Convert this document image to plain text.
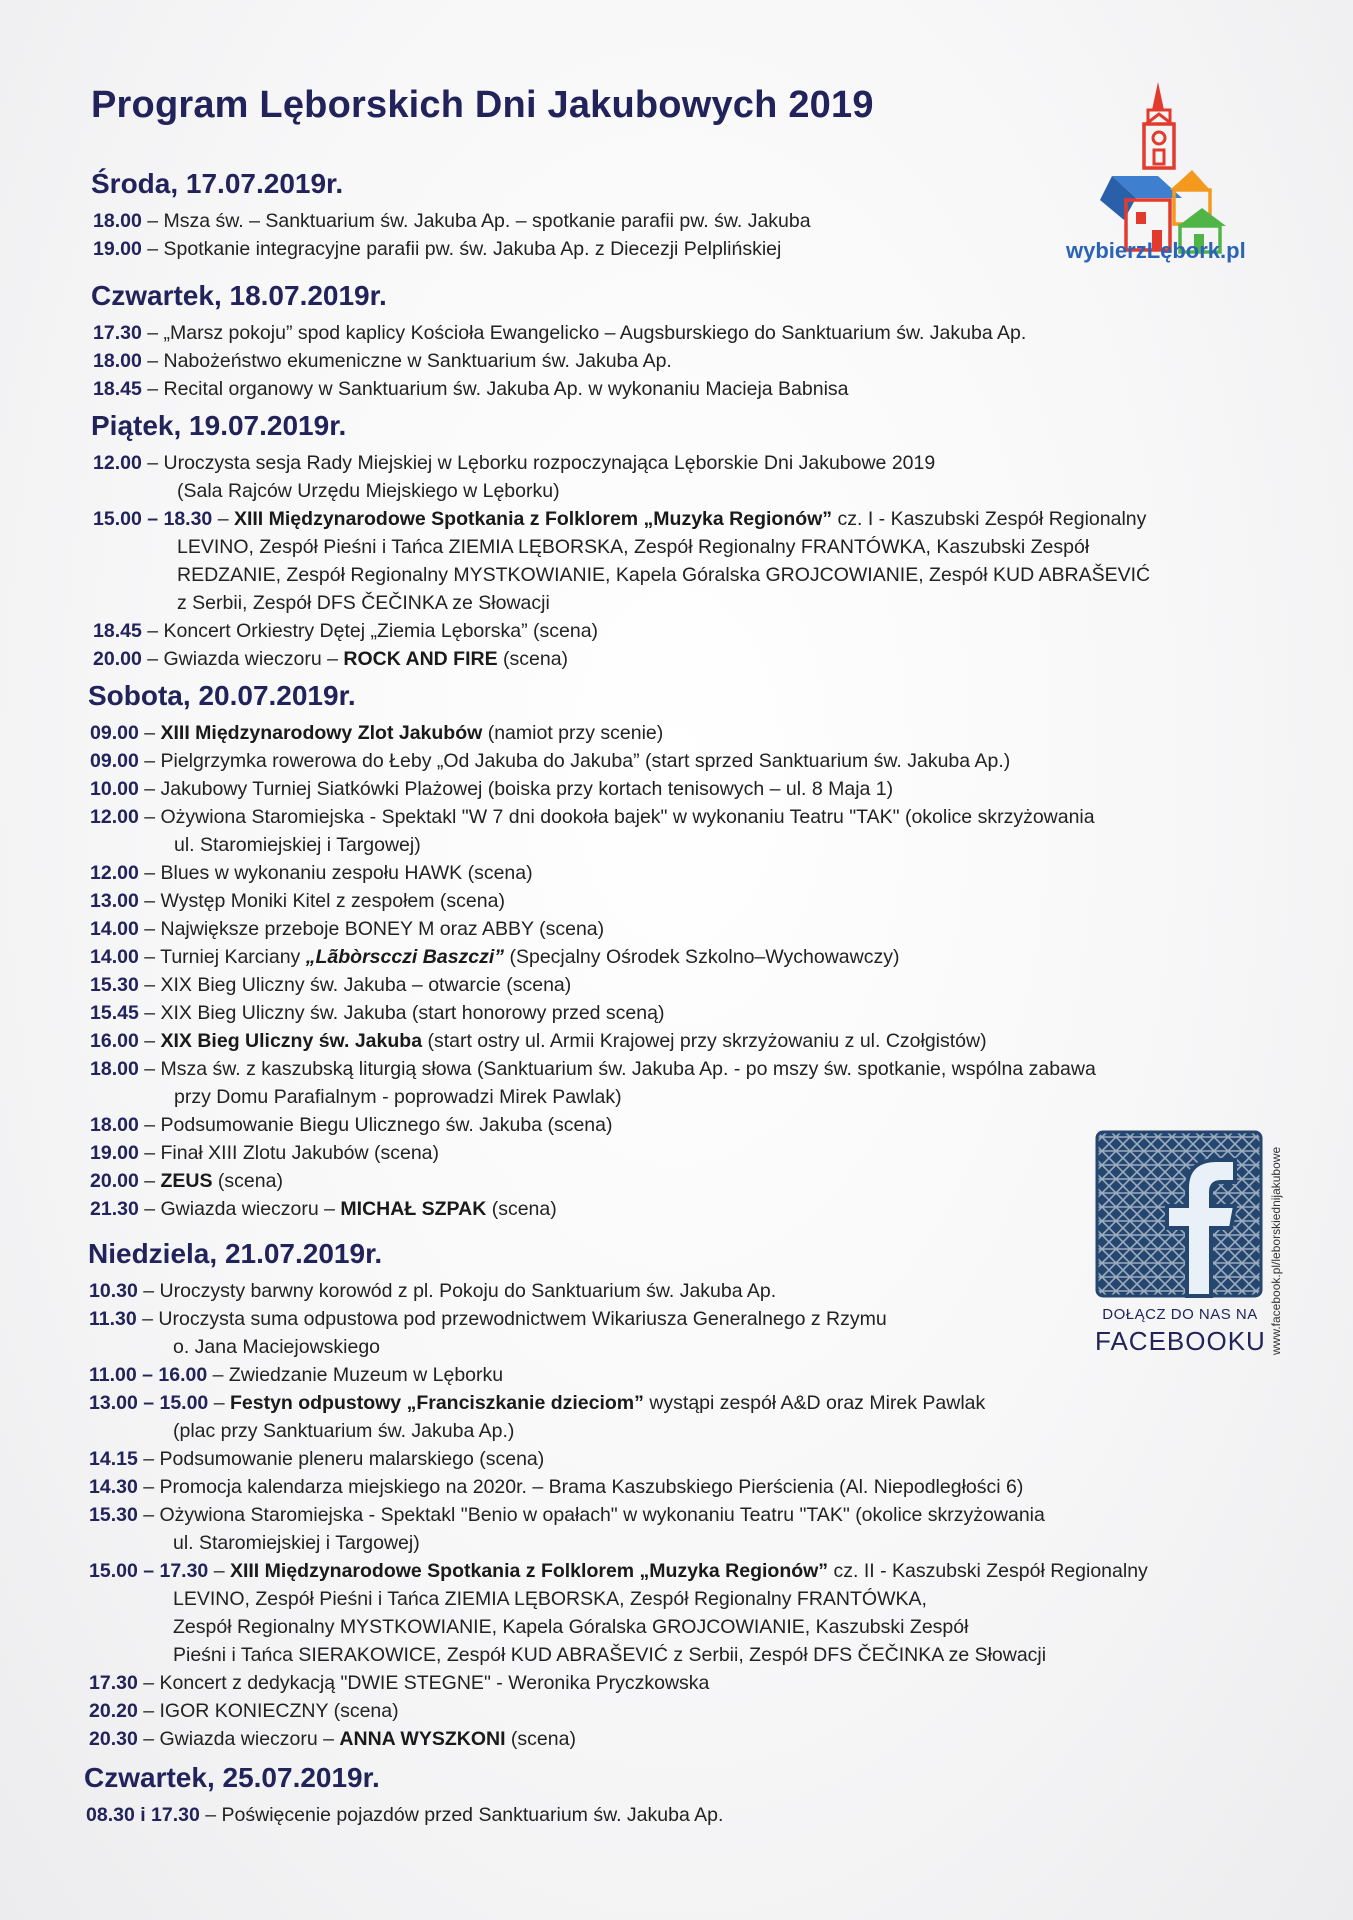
Program Lęborskich Dni Jakubowych 2019
wybierzLębork.pl
DOŁĄCZ DO NAS NA
FACEBOOKU www.facebook.pl/leborskiednijakubowe
Środa, 17.07.2019r.
18.00 – Msza św. – Sanktuarium św. Jakuba Ap. – spotkanie parafii pw. św. Jakuba
19.00 – Spotkanie integracyjne parafii pw. św. Jakuba Ap. z Diecezji Pelplińskiej
Czwartek, 18.07.2019r.
17.30 – „Marsz pokoju” spod kaplicy Kościoła Ewangelicko – Augsburskiego do Sanktuarium św. Jakuba Ap.
18.00 – Nabożeństwo ekumeniczne w Sanktuarium św. Jakuba Ap.
18.45 – Recital organowy w Sanktuarium św. Jakuba Ap. w wykonaniu Macieja Babnisa
Piątek, 19.07.2019r.
12.00 – Uroczysta sesja Rady Miejskiej w Lęborku rozpoczynająca Lęborskie Dni Jakubowe 2019
(Sala Rajców Urzędu Miejskiego w Lęborku)
15.00 – 18.30 – XIII Międzynarodowe Spotkania z Folklorem „Muzyka Regionów” cz. I - Kaszubski Zespół Regionalny
LEVINO, Zespół Pieśni i Tańca ZIEMIA LĘBORSKA, Zespół Regionalny FRANTÓWKA, Kaszubski Zespół
REDZANIE, Zespół Regionalny MYSTKOWIANIE, Kapela Góralska GROJCOWIANIE, Zespół KUD ABRAŠEVIĆ
z Serbii, Zespół DFS ČEČINKA ze Słowacji
18.45 – Koncert Orkiestry Dętej „Ziemia Lęborska” (scena)
20.00 – Gwiazda wieczoru – ROCK AND FIRE (scena)
Sobota, 20.07.2019r.
09.00 – XIII Międzynarodowy Zlot Jakubów (namiot przy scenie)
09.00 – Pielgrzymka rowerowa do Łeby „Od Jakuba do Jakuba” (start sprzed Sanktuarium św. Jakuba Ap.)
10.00 – Jakubowy Turniej Siatkówki Plażowej (boiska przy kortach tenisowych – ul. 8 Maja 1)
12.00 – Ożywiona Staromiejska - Spektakl "W 7 dni dookoła bajek" w wykonaniu Teatru "TAK" (okolice skrzyżowania
ul. Staromiejskiej i Targowej)
12.00 – Blues w wykonaniu zespołu HAWK (scena)
13.00 – Występ Moniki Kitel z zespołem (scena)
14.00 – Największe przeboje BONEY M oraz ABBY (scena)
14.00 – Turniej Karciany „Lãbòrscczi Baszczi” (Specjalny Ośrodek Szkolno–Wychowawczy)
15.30 – XIX Bieg Uliczny św. Jakuba – otwarcie (scena)
15.45 – XIX Bieg Uliczny św. Jakuba (start honorowy przed sceną)
16.00 – XIX Bieg Uliczny św. Jakuba (start ostry ul. Armii Krajowej przy skrzyżowaniu z ul. Czołgistów)
18.00 – Msza św. z kaszubską liturgią słowa (Sanktuarium św. Jakuba Ap. - po mszy św. spotkanie, wspólna zabawa
przy Domu Parafialnym - poprowadzi Mirek Pawlak)
18.00 – Podsumowanie Biegu Ulicznego św. Jakuba (scena)
19.00 – Finał XIII Zlotu Jakubów (scena)
20.00 – ZEUS (scena)
21.30 – Gwiazda wieczoru – MICHAŁ SZPAK (scena)
Niedziela, 21.07.2019r.
10.30 – Uroczysty barwny korowód z pl. Pokoju do Sanktuarium św. Jakuba Ap.
11.30 – Uroczysta suma odpustowa pod przewodnictwem Wikariusza Generalnego z Rzymu
o. Jana Maciejowskiego
11.00 – 16.00 – Zwiedzanie Muzeum w Lęborku
13.00 – 15.00 – Festyn odpustowy „Franciszkanie dzieciom” wystąpi zespół A&D oraz Mirek Pawlak
(plac przy Sanktuarium św. Jakuba Ap.)
14.15 – Podsumowanie pleneru malarskiego (scena)
14.30 – Promocja kalendarza miejskiego na 2020r. – Brama Kaszubskiego Pierścienia (Al. Niepodległości 6)
15.30 – Ożywiona Staromiejska - Spektakl "Benio w opałach" w wykonaniu Teatru "TAK" (okolice skrzyżowania
ul. Staromiejskiej i Targowej)
15.00 – 17.30 – XIII Międzynarodowe Spotkania z Folklorem „Muzyka Regionów” cz. II - Kaszubski Zespół Regionalny
LEVINO, Zespół Pieśni i Tańca ZIEMIA LĘBORSKA, Zespół Regionalny FRANTÓWKA,
Zespół Regionalny MYSTKOWIANIE, Kapela Góralska GROJCOWIANIE, Kaszubski Zespół
Pieśni i Tańca SIERAKOWICE, Zespół KUD ABRAŠEVIĆ z Serbii, Zespół DFS ČEČINKA ze Słowacji
17.30 – Koncert z dedykacją "DWIE STEGNE" - Weronika Pryczkowska
20.20 – IGOR KONIECZNY (scena)
20.30 – Gwiazda wieczoru – ANNA WYSZKONI (scena)
Czwartek, 25.07.2019r.
08.30 i 17.30 – Poświęcenie pojazdów przed Sanktuarium św. Jakuba Ap.
